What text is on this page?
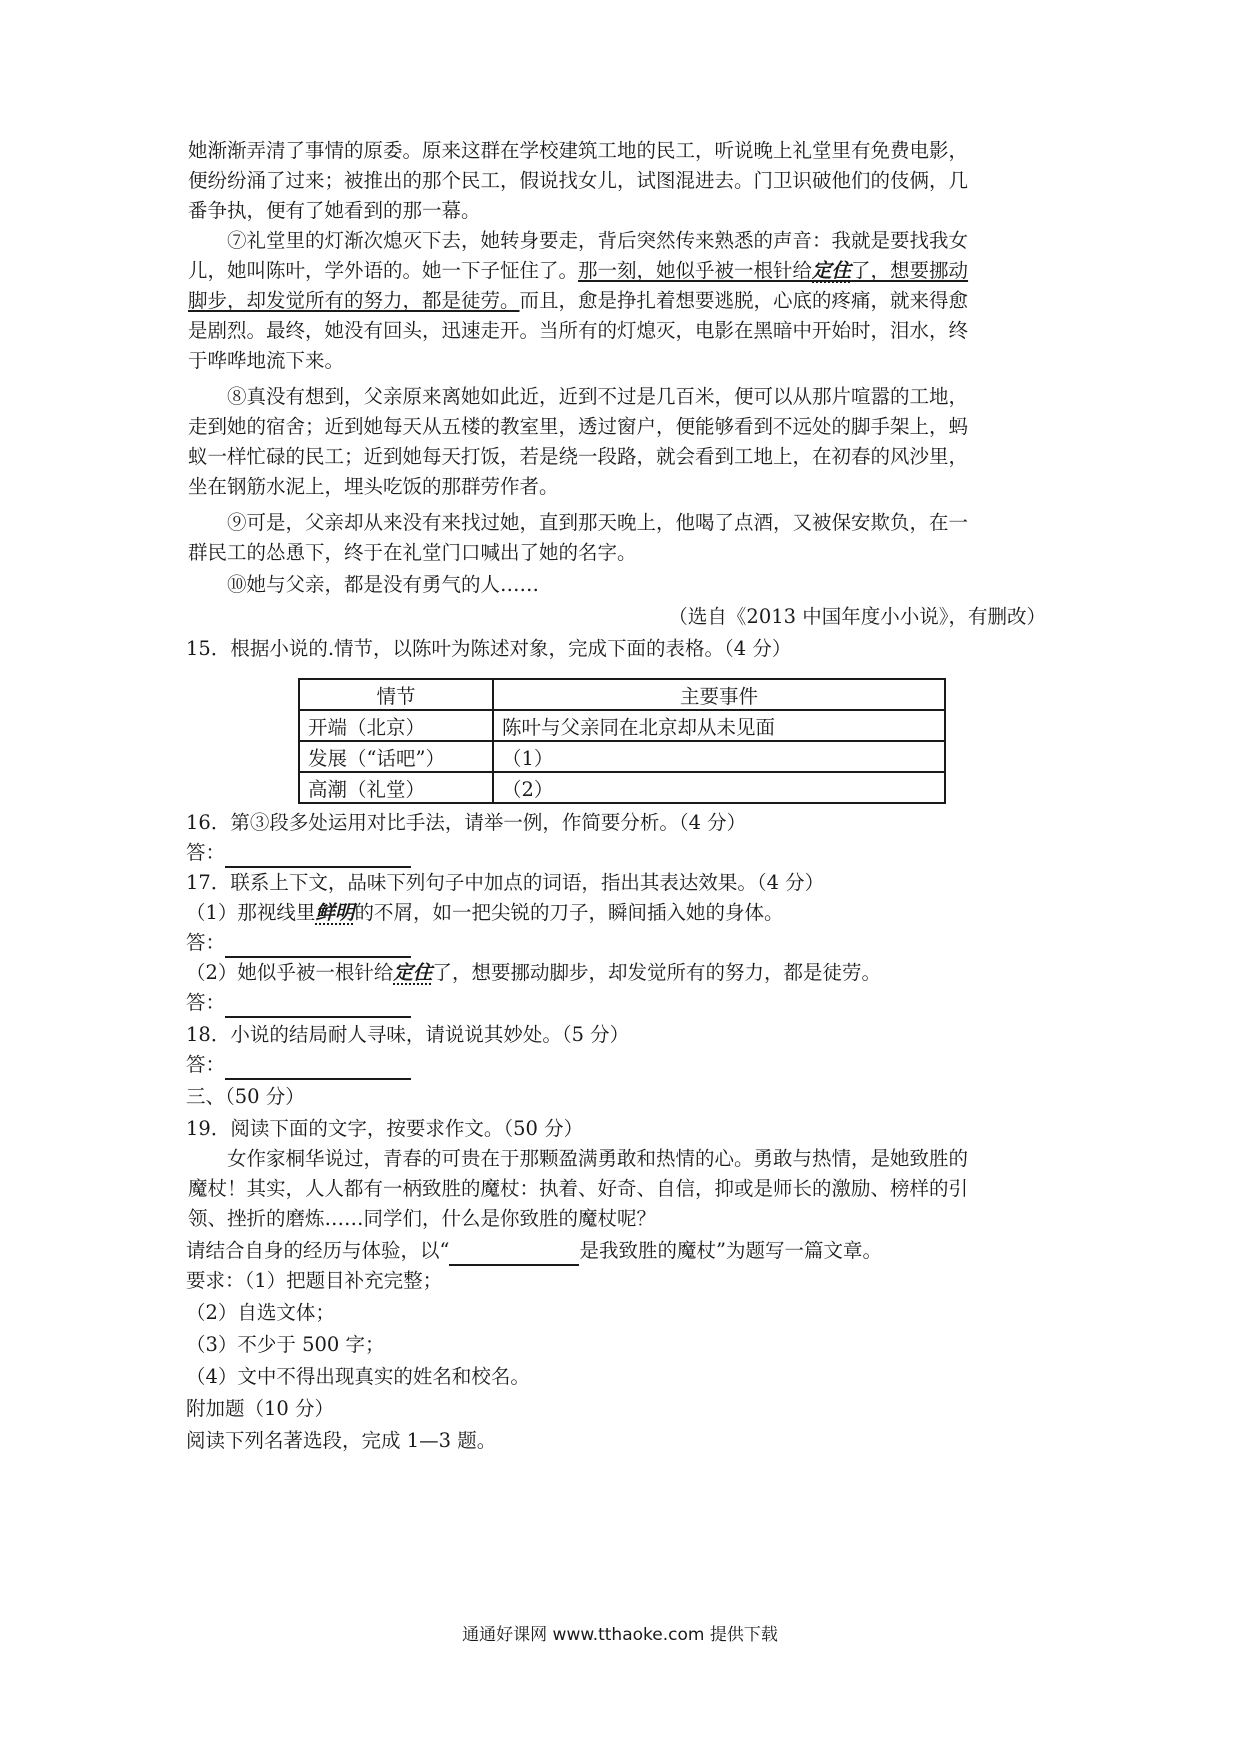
她渐渐弄清了事情的原委。原来这群在学校建筑工地的民工，听说晚上礼堂里有免费电影，
便纷纷涌了过来；被推出的那个民工，假说找女儿，试图混进去。门卫识破他们的伎俩，几
番争执，便有了她看到的那一幕。
⑦礼堂里的灯渐次熄灭下去，她转身要走，背后突然传来熟悉的声音：我就是要找我女
儿，她叫陈叶，学外语的。她一下子怔住了。那一刻，她似乎被一根针给定住了，想要挪动
脚步，却发觉所有的努力，都是徒劳。而且，愈是挣扎着想要逃脱，心底的疼痛，就来得愈
是剧烈。最终，她没有回头，迅速走开。当所有的灯熄灭，电影在黑暗中开始时，泪水，终
于哗哗地流下来。
⑧真没有想到，父亲原来离她如此近，近到不过是几百米，便可以从那片喧嚣的工地，
走到她的宿舍；近到她每天从五楼的教室里，透过窗户，便能够看到不远处的脚手架上，蚂
蚁一样忙碌的民工；近到她每天打饭，若是绕一段路，就会看到工地上，在初春的风沙里，
坐在钢筋水泥上，埋头吃饭的那群劳作者。
⑨可是，父亲却从来没有来找过她，直到那天晚上，他喝了点酒，又被保安欺负，在一
群民工的怂恿下，终于在礼堂门口喊出了她的名字。
⑩她与父亲，都是没有勇气的人……
（选自《2013 中国年度小小说》，有删改）
15．根据小说的.情节，以陈叶为陈述对象，完成下面的表格。（4 分）
情节	主要事件
开端（北京）	陈叶与父亲同在北京却从未见面
发展（“话吧”）	（1）
高潮（礼堂）	（2）
16．第③段多处运用对比手法，请举一例，作简要分析。（4 分）
答：
17．联系上下文，品味下列句子中加点的词语，指出其表达效果。（4 分）
（1）那视线里鲜明的不屑，如一把尖锐的刀子，瞬间插入她的身体。
答：
（2）她似乎被一根针给定住了，想要挪动脚步，却发觉所有的努力，都是徒劳。
答：
18．小说的结局耐人寻味，请说说其妙处。（5 分）
答：
三、（50 分）
19．阅读下面的文字，按要求作文。（50 分）
女作家桐华说过，青春的可贵在于那颗盈满勇敢和热情的心。勇敢与热情，是她致胜的
魔杖！其实，人人都有一柄致胜的魔杖：执着、好奇、自信，抑或是师长的激励、榜样的引
领、挫折的磨炼……同学们，什么是你致胜的魔杖呢？
请结合自身的经历与体验，以“	是我致胜的魔杖”为题写一篇文章。
要求：（1）把题目补充完整；
（2）自选文体；
（3）不少于 500 字；
（4）文中不得出现真实的姓名和校名。
附加题（10 分）
阅读下列名著选段，完成 1—3 题。
通通好课网 www.tthaoke.com 提供下载
